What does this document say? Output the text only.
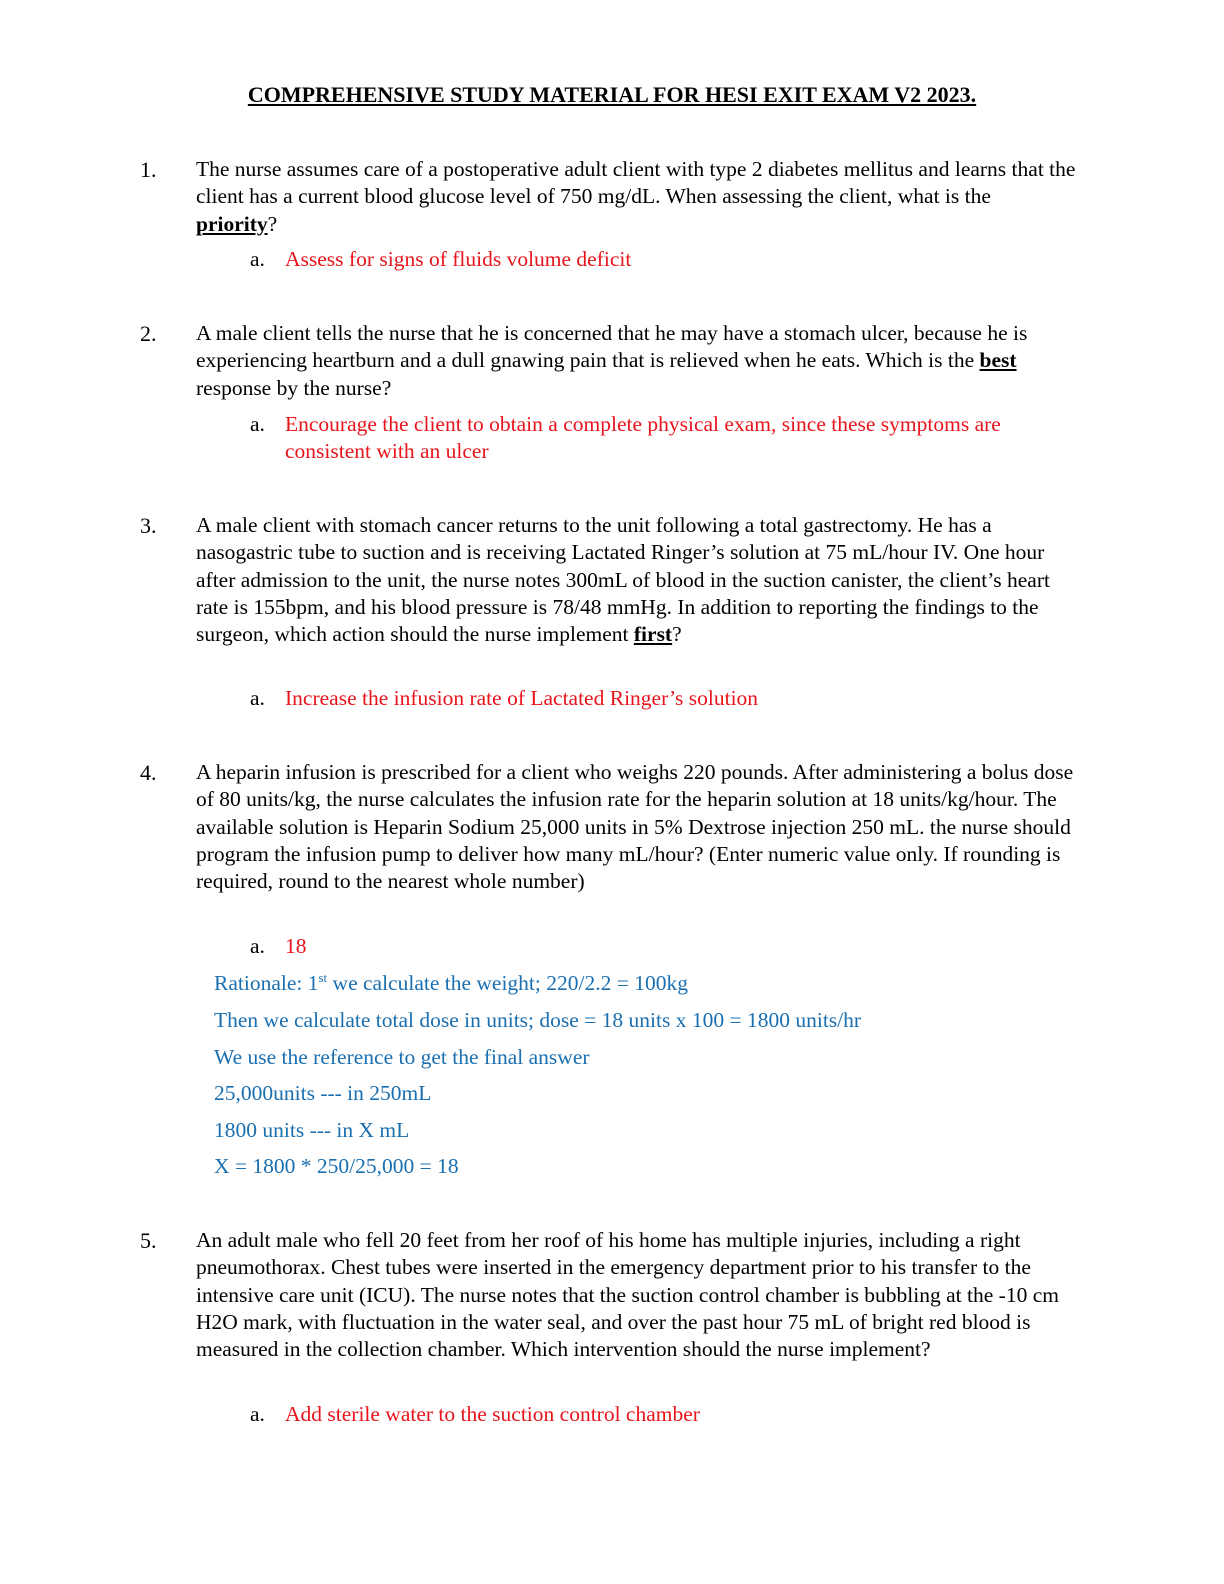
COMPREHENSIVE STUDY MATERIAL FOR HESI EXIT EXAM V2 2023.
1. The nurse assumes care of a postoperative adult client with type 2 diabetes mellitus and learns that the client has a current blood glucose level of 750 mg/dL. When assessing the client, what is the priority?
a. Assess for signs of fluids volume deficit
2. A male client tells the nurse that he is concerned that he may have a stomach ulcer, because he is experiencing heartburn and a dull gnawing pain that is relieved when he eats. Which is the best response by the nurse?
a. Encourage the client to obtain a complete physical exam, since these symptoms are consistent with an ulcer
3. A male client with stomach cancer returns to the unit following a total gastrectomy. He has a nasogastric tube to suction and is receiving Lactated Ringer’s solution at 75 mL/hour IV. One hour after admission to the unit, the nurse notes 300mL of blood in the suction canister, the client’s heart rate is 155bpm, and his blood pressure is 78/48 mmHg. In addition to reporting the findings to the surgeon, which action should the nurse implement first?
a. Increase the infusion rate of Lactated Ringer’s solution
4. A heparin infusion is prescribed for a client who weighs 220 pounds. After administering a bolus dose of 80 units/kg, the nurse calculates the infusion rate for the heparin solution at 18 units/kg/hour. The available solution is Heparin Sodium 25,000 units in 5% Dextrose injection 250 mL. the nurse should program the infusion pump to deliver how many mL/hour? (Enter numeric value only. If rounding is required, round to the nearest whole number)
a. 18
Rationale: 1st we calculate the weight; 220/2.2 = 100kg
Then we calculate total dose in units; dose = 18 units x 100 = 1800 units/hr
We use the reference to get the final answer
25,000units --- in 250mL
1800 units --- in X mL
X = 1800 * 250/25,000 = 18
5. An adult male who fell 20 feet from her roof of his home has multiple injuries, including a right pneumothorax. Chest tubes were inserted in the emergency department prior to his transfer to the intensive care unit (ICU). The nurse notes that the suction control chamber is bubbling at the -10 cm H2O mark, with fluctuation in the water seal, and over the past hour 75 mL of bright red blood is measured in the collection chamber. Which intervention should the nurse implement?
a. Add sterile water to the suction control chamber
